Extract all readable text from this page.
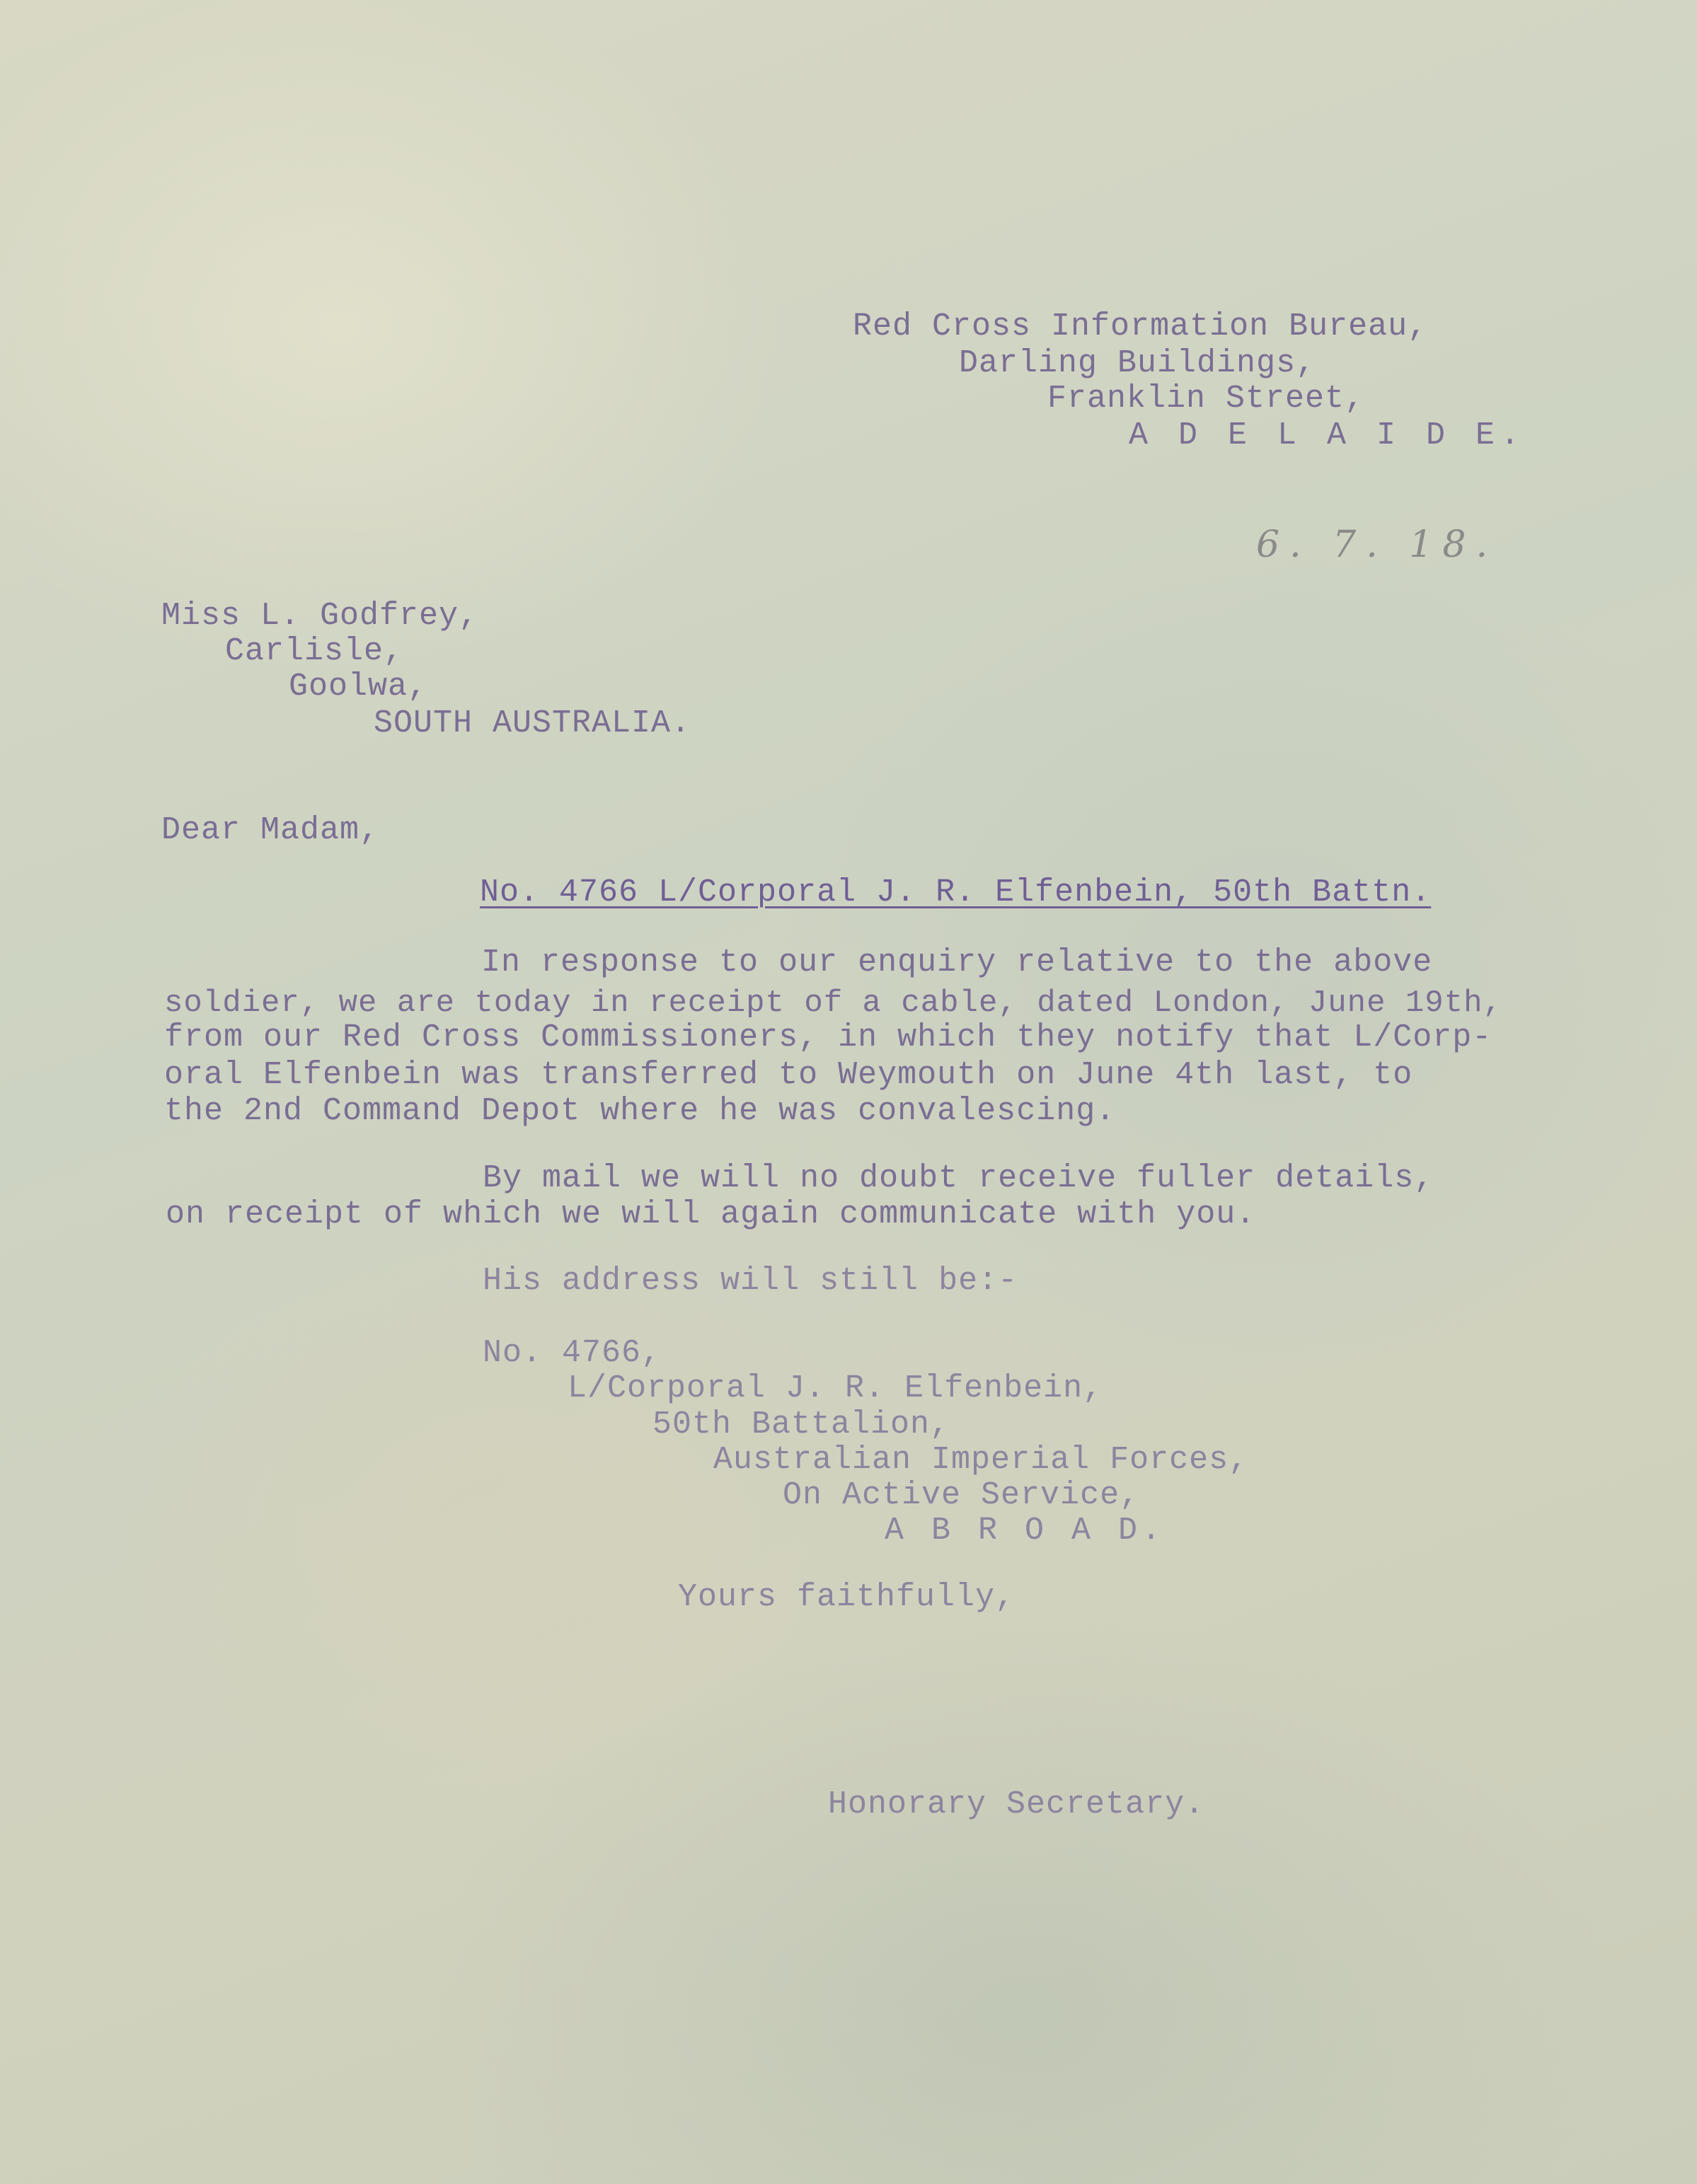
Red Cross Information Bureau,
Darling Buildings,
Franklin Street,
A D E L A I D E.
6. 7. 18.
Miss L. Godfrey,
Carlisle,
Goolwa,
SOUTH AUSTRALIA.
Dear Madam,
No. 4766 L/Corporal J. R. Elfenbein, 50th Battn.
In response to our enquiry relative to the above
soldier, we are today in receipt of a cable, dated London, June 19th,
from our Red Cross Commissioners, in which they notify that L/Corp-
oral Elfenbein was transferred to Weymouth on June 4th last, to
the 2nd Command Depot where he was convalescing.
By mail we will no doubt receive fuller details,
on receipt of which we will again communicate with you.
His address will still be:-
No. 4766,
L/Corporal J. R. Elfenbein,
50th Battalion,
Australian Imperial Forces,
On Active Service,
A B R O A D.
Yours faithfully,
Honorary Secretary.
